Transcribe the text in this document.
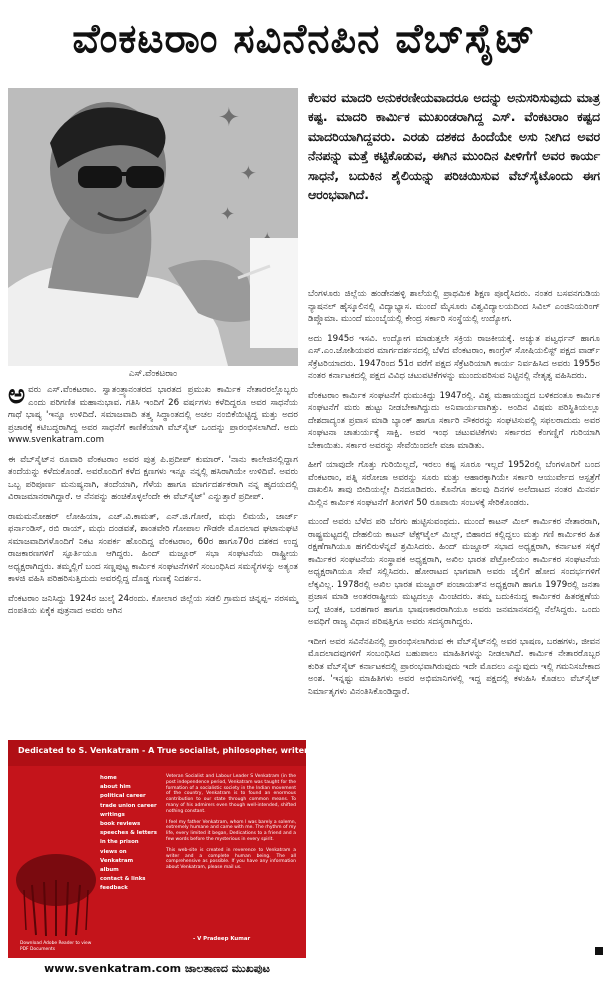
ವೆಂಕಟರಾಂ ಸವಿನೆನಪಿನ ವೆಬ್‌ಸೈಟ್
✦
✦
✦
ಎಸ್.ವೆಂಕಟರಾಂ

ಕೆಲವರ ಮಾದರಿ ಅನುಕರಣೀಯವಾದರೂ ಅದನ್ನು ಅನುಸರಿಸುವುದು ಮಾತ್ರ ಕಷ್ಟ. ಮಾದರಿ ಕಾರ್ಮಿಕ ಮುಖಂಡರಾಗಿದ್ದ ಎಸ್. ವೆಂಕಟರಾಂ ಕಷ್ಟದ ಮಾದರಿಯಾಗಿದ್ದವರು. ಎರಡು ದಶಕದ ಹಿಂದೆಯೇ ಅಸು ನೀಗಿದ ಅವರ ನೆನಪನ್ನು ಮತ್ತೆ ಕಟ್ಟಿಕೊಡುವ, ಈಗಿನ ಮುಂದಿನ ಪೀಳಿಗೆಗೆ ಅವರ ಕಾರ್ಯ ಸಾಧನೆ, ಬದುಕಿನ ಶೈಲಿಯನ್ನು ಪರಿಚಯಿಸುವ ವೆಬ್‌ಸೈಟೊಂದು ಈಗ ಆರಂಭವಾಗಿದೆ.

ಅವರು ಎಸ್.ವೆಂಕಟರಾಂ. ಸ್ವಾತಂತ್ರ್ಯಾನಂತರದ ಭಾರತದ ಪ್ರಮುಖ ಕಾರ್ಮಿಕ ನೇತಾರರಲ್ಲೊಬ್ಬರು ಎಂದು ಪರಿಗಣಿತ ಮಹಾನುಭಾವ. ಗತಿಸಿ ಇಂದಿಗೆ 26 ವರ್ಷಗಳು ಕಳೆದಿದ್ದರೂ ಅವರ ಸಾಧನೆಯ ಗಾಥೆ ಭಾಷ್ಯ 'ಇನ್ನೂ ಉಳಿದಿದೆ. ಸಮಾಜವಾದಿ ತತ್ತ್ವ ಸಿದ್ಧಾಂತದಲ್ಲಿ ಅಚಲ ನಂಬಿಕೆಯಿಟ್ಟಿದ್ದ ಮತ್ತು ಅದರ ಪ್ರಚಾರಕ್ಕೆ ಕಟಿಬದ್ಧರಾಗಿದ್ದ ಅವರ ಸಾಧನೆಗೆ ಕಾಣಿಕೆಯಾಗಿ ವೆಬ್‌ಸೈಟ್ ಒಂದನ್ನು ಪ್ರಾರಂಭಿಸಲಾಗಿದೆ. ಅದು www.svenkatram.com

ಈ ವೆಬ್‌ಸೈಟ್‌ನ ರೂವಾರಿ ವೆಂಕಟರಾಂ ಅವರ ಪುತ್ರ ಪಿ.ಪ್ರದೀಪ್ ಕುಮಾರ್. 'ನಾನು ಕಾಲೇಜಿನಲ್ಲಿದ್ದಾಗ ತಂದೆಯನ್ನು ಕಳೆದುಕೊಂಡೆ. ಅವರೊಂದಿಗೆ ಕಳೆದ ಕ್ಷಣಗಳು ಇನ್ನೂ ನನ್ನಲ್ಲಿ ಹಸಿರಾಗಿಯೇ ಉಳಿದಿವೆ. ಅವರು ಒಬ್ಬ ಪರಿಪೂರ್ಣ ಮನುಷ್ಯನಾಗಿ, ತಂದೆಯಾಗಿ, ಗೆಳೆಯ ಹಾಗೂ ಮಾರ್ಗದರ್ಶಕರಾಗಿ ನನ್ನ ಹೃದಯದಲ್ಲಿ ವಿರಾಜಮಾನರಾಗಿದ್ದಾರೆ. ಆ ನೆನಪನ್ನು ಹಂಚಿಕೊಳ್ಳಲೆಂದೇ ಈ ವೆಬ್‌ಸೈಟ್' ಎನ್ನುತ್ತಾರೆ ಪ್ರದೀಪ್.

ರಾಮಮನೋಹರ್ ಲೋಹಿಯಾ, ಎಚ್.ವಿ.ಕಾಮತ್, ಎನ್.ಜಿ.ಗೋರೆ, ಮಧು ಲಿಮಯೆ, ಜಾರ್ಜ್ ಫರ್ನಾಂಡಿಸ್, ರಬಿ ರಾಯ್, ಮಧು ದಂಡವತೆ, ಶಾಂತವೇರಿ ಗೋಪಾಲ ಗೌಡರೇ ಮೊದಲಾದ ಘಟಾನುಘಟಿ ಸಮಾಜವಾದಿಗಳೊಂದಿಗೆ ನಿಕಟ ಸಂಪರ್ಕ ಹೊಂದಿದ್ದ ವೆಂಕಟರಾಂ, 60ರ ಹಾಗೂ70ರ ದಶಕದ ಉದ್ದ ರಾಜಕಾರಣಗಳಿಗೆ ಸ್ಫೂರ್ತಿಯೂ ಆಗಿದ್ದರು. ಹಿಂದ್ ಮಜ್ದೂರ್ ಸಭಾ ಸಂಘಟನೆಯ ರಾಷ್ಟ್ರೀಯ ಅಧ್ಯಕ್ಷರಾಗಿದ್ದರು. ತಮ್ಮಲ್ಲಿಗೆ ಬಂದ ಸಣ್ಣಪುಟ್ಟ ಕಾರ್ಮಿಕ ಸಂಘಟನೆಗಳಿಗೆ ಸಂಬಂಧಿಸಿದ ಸಮಸ್ಯೆಗಳನ್ನು ಅತ್ಯಂತ ಕಾಳಜಿ ವಹಿಸಿ ಪರಿಹರಿಸುತ್ತಿದುದು ಅವರಲ್ಲಿದ್ದ ದೊಡ್ಡ ಗುಣಕ್ಕೆ ನಿದರ್ಶನ.

ವೆಂಕಟರಾಂ ಜನಿಸಿದ್ದು 1924ರ ಜುಲೈ 24ರಂದು. ಕೋಲಾರ ಜಿಲ್ಲೆಯ ಸಡಲಿ ಗ್ರಾಮದ ಚಿನ್ನಪ್ಪ– ನರಸಮ್ಮ ದಂಪತಿಯ ಏಕೈಕ ಪುತ್ರನಾದ ಅವರು ಆಗಿನ

ಬೆಂಗಳೂರು ಜಿಲ್ಲೆಯ ಹಂಡೇನಹಳ್ಳಿ ಶಾಲೆಯಲ್ಲಿ ಪ್ರಾಥಮಿಕ ಶಿಕ್ಷಣ ಪೂರೈಸಿದರು. ನಂತರ ಬಸವನಗುಡಿಯ ನ್ಯಾಷನಲ್ ಹೈಸ್ಕೂಲಿನಲ್ಲಿ ವಿದ್ಯಾಭ್ಯಾಸ. ಮುಂದೆ ಮೈಸೂರು ವಿಶ್ವವಿದ್ಯಾಲಯದಿಂದ ಸಿವಿಲ್ ಎಂಜಿನಿಯರಿಂಗ್ ಡಿಪ್ಲೊಮಾ. ಮುಂದೆ ಮುಂಬೈಯಲ್ಲಿ ಕೇಂದ್ರ ಸರ್ಕಾರಿ ಸಂಸ್ಥೆಯಲ್ಲಿ ಉದ್ಯೋಗ.

ಅದು 1945ರ ಇಸವಿ. ಉದ್ಯೋಗ ಮಾಡುತ್ತಲೇ ಸಕ್ರಿಯ ರಾಜಕೀಯಕ್ಕೆ. ಅಚ್ಯುತ ಪಟ್ವರ್ಧನ್ ಹಾಗೂ ಎಸ್.ಎಂ.ಜೋಶಿಯವರ ಮಾರ್ಗದರ್ಶನದಲ್ಲಿ ಬೆಳೆದ ವೆಂಕಟರಾಂ, ಕಾಂಗ್ರೆಸ್ ಸೋಷಿಯಲಿಸ್ಟ್ ಪಕ್ಷದ ವಾರ್ಡ್ ಸೆಕ್ರೆಟರಿಯಾದರು. 1947ರಿಂದ 51ರ ವರೆಗೆ ಪಕ್ಷದ ಸೆಕ್ರೆಟರಿಯಾಗಿ ಕಾರ್ಯ ನಿರ್ವಹಿಸಿದ ಅವರು 1955ರ ನಂತರ ಕರ್ನಾಟಕದಲ್ಲಿ ಪಕ್ಷದ ವಿವಿಧ ಚಟುವಟಿಕೆಗಳನ್ನು ಮುಂದುವರಿಸುವ ನಿಟ್ಟಿನಲ್ಲಿ ನೇತೃತ್ವ ವಹಿಸಿದರು.

ವೆಂಕಟರಾಂ ಕಾರ್ಮಿಕ ಸಂಘಟನೆಗೆ ಧುಮುಕಿದ್ದು 1947ರಲ್ಲಿ. ವಿಶ್ವ ಮಹಾಯುದ್ಧದ ಬಳಿಕದಂತೂ ಕಾರ್ಮಿಕ ಸಂಘಟನೆಗೆ ಮರು ಹುಟ್ಟು ನೀಡಬೇಕಾಗಿದ್ದುದು ಅನಿವಾರ್ಯವಾಗಿತ್ತು. ಅಂದಿನ ವಿಷಮ ಪರಿಸ್ಥಿತಿಯಲ್ಲೂ ದೇಶದಾದ್ಯಂತ ಪ್ರವಾಸ ಮಾಡಿ ಬ್ಯಾಂಕ್ ಹಾಗೂ ಸರ್ಕಾರಿ ನೌಕರರನ್ನು ಸಂಘಟಿಸುವಲ್ಲಿ ಸಫಲರಾದುದು ಅವರ ಸಂಘಟನಾ ಚಾತುರ್ಯಕ್ಕೆ ಸಾಕ್ಷಿ. ಅವರ ಇಂಥ ಚಟುವಟಿಕೆಗಳು ಸರ್ಕಾರದ ಕೆಂಗಣ್ಣಿಗೆ ಗುರಿಯಾಗಿ ಬೇಕಾಯಿತು. ಸರ್ಕಾರ ಅವರನ್ನು ಸೇವೆಯಿಂದಲೇ ವಜಾ ಮಾಡಿತು.

ಹೀಗೆ ಯಾವುದೇ ಗೊತ್ತು ಗುರಿಯಿಲ್ಲದೆ, ಇರಲು ಕಷ್ಟ ಸೂರೂ ಇಲ್ಲದೆ 1952ರಲ್ಲಿ ಬೆಂಗಳೂರಿಗೆ ಬಂದ ವೆಂಕಟರಾಂ, ಪತ್ನಿ ಸರೋಜಾ ಅವರನ್ನು ಸೂರು ಮತ್ತು ಆಹಾರಕ್ಕಾಗಿಯೇ ಸರ್ಕಾರಿ ಆಯುರ್ವೇದ ಆಸ್ಪತ್ರೆಗೆ ದಾಖಲಿಸಿ ತಾವು ಬೀದಿಯಲ್ಲೇ ದಿನದೂಡಿದರು. ಕೊನೆಗೂ ಹಲವು ದಿನಗಳ ಅಲೆದಾಟದ ನಂತರ ಮಿನರ್ವ ಮಿಲ್ಲಿನ ಕಾರ್ಮಿಕ ಸಂಘಟನೆಗೆ ತಿಂಗಳಿಗೆ 50 ರೂಪಾಯಿ ಸಂಬಳಕ್ಕೆ ಸೇರಿಕೊಂಡರು.

ಮುಂದೆ ಅವರು ಬೆಳೆದ ಪರಿ ಬೆರಗು ಹುಟ್ಟಿಸುವಂಥದು. ಮುಂದೆ ಕಾಟನ್ ಮಿಲ್ ಕಾರ್ಮಿಕರ ನೇತಾರರಾಗಿ, ರಾಷ್ಟ್ರಮಟ್ಟದಲ್ಲಿ ದೇಹಲಿಯ ಕಾಟನ್ ಟೆಕ್ಸ್‌ಟೈಲ್ ಮಿಲ್ಸ್, ಬಿಹಾರದ ಕಲ್ಲಿದ್ದಲು ಮತ್ತು ಗಣಿ ಕಾರ್ಮಿಕರ ಹಿತ ರಕ್ಷಣೆಗಾಗಿಯೂ ಹಗಲಿರುಳೆನ್ನದೆ ಶ್ರಮಿಸಿದರು. ಹಿಂದ್ ಮಜ್ದೂರ್ ಸಭಾದ ಅಧ್ಯಕ್ಷರಾಗಿ, ಕರ್ನಾಟಕ ಸಕ್ಕರೆ ಕಾರ್ಮಿಕರ ಸಂಘಟನೆಯ ಸಂಸ್ಥಾಪಕ ಅಧ್ಯಕ್ಷರಾಗಿ, ಅಖಿಲ ಭಾರತ ಪೆಟ್ರೋಲಿಯಂ ಕಾರ್ಮಿಕರ ಸಂಘಟನೆಯ ಅಧ್ಯಕ್ಷರಾಗಿಯೂ ಸೇವೆ ಸಲ್ಲಿಸಿದರು. ಹೋರಾಟದ ಭಾಗವಾಗಿ ಅವರು ಜೈಲಿಗೆ ಹೋದ ಸಂದರ್ಭಗಳಿಗೆ ಲೆಕ್ಕವಿಲ್ಲ. 1978ರಲ್ಲಿ ಅಖಿಲ ಭಾರತ ಮಜ್ದೂರ್ ಪಂಚಾಯತ್‌ನ ಅಧ್ಯಕ್ಷರಾಗಿ ಹಾಗೂ 1979ರಲ್ಲಿ ಜನತಾ ಪ್ರಜಾಸ ಮಾಡಿ ಅಂತರರಾಷ್ಟ್ರೀಯ ಮಟ್ಟದಲ್ಲೂ ಮಿಂಚಿದರು. ತಮ್ಮ ಬದುಕಿನುದ್ದ ಕಾರ್ಮಿಕರ ಹಿತರಕ್ಷಣೆಯ ಬಗ್ಗೆ ಚಿಂತಕ, ಬರಹಗಾರ ಹಾಗೂ ಭಾಷಣಕಾರರಾಗಿಯೂ ಅವರು ಜನಮಾನಸದಲ್ಲಿ ನೆಲೆಸಿದ್ದರು. ಒಂದು ಅವಧಿಗೆ ರಾಜ್ಯ ವಿಧಾನ ಪರಿಷತ್ತಿಗೂ ಅವರು ಸದಸ್ಯರಾಗಿದ್ದರು.

ಇದೀಗ ಅವರ ಸವಿನೆನಪಿನಲ್ಲಿ ಪ್ರಾರಂಭಿಸಲಾಗಿರುವ ಈ ವೆಬ್‌ಸೈಟ್‌ನಲ್ಲಿ ಅವರ ಭಾಷಣ, ಬರಹಗಳು, ಜೀವನ ಮೊದಲಾದವುಗಳಿಗೆ ಸಂಬಂಧಿಸಿದ ಬಹುಪಾಲು ಮಾಹಿತಿಗಳನ್ನು ನೀಡಲಾಗಿದೆ. ಕಾರ್ಮಿಕ ನೇತಾರರೊಬ್ಬರ ಕುರಿತ ವೆಬ್‌ಸೈಟ್ ಕರ್ನಾಟಕದಲ್ಲಿ ಪ್ರಾರಂಭವಾಗಿರುವುದು ಇದೇ ಮೊದಲು ಎನ್ನುವುದು ಇಲ್ಲಿ ಗಮನಿಸಬೇಕಾದ ಅಂಶ. 'ಇನ್ನಷ್ಟು ಮಾಹಿತಿಗಳು ಅವರ ಅಭಿಮಾನಿಗಳಲ್ಲಿ ಇದ್ದ ಪಕ್ಷದಲ್ಲಿ ಕಳುಹಿಸಿ ಕೊಡಲು ವೆಬ್‌ಸೈಟ್ ನಿರ್ಮಾತೃಗಳು ವಿನಂತಿಸಿಕೊಂಡಿದ್ದಾರೆ.

Dedicated to S. Venkatram - A True socialist, philosopher, writer and a complete
home
about him
political career
trade union career
writings
book reviews
speeches & letters
in the prison
views on Venkatram
album
contact & links
feedback

Veteran Socialist and Labour Leader S Venkatram (in the post independence period, Venkatram was taught for the formation of a socialistic society in the Indian movement of the country, Venkatram is to found an enormous contribution to our state through common means. To many of his admirers even though well-intended, shifted nothing constant.

I feel my father Venkatram, whom I was barely a solemn, extremely humane and came with me. The rhythm of my life, every limited it began, Dedications to a friend and a few words before the mysterious in every spirit.

This web-site is created in reverence to Venkatram a writer and a complete human being. The all comprehensive as possible. If you have any information about Venkatram, please mail us.

- V Pradeep Kumar
Download Adobe Reader to view PDF Documents
www.svenkatram.com ಜಾಲತಾಣದ ಮುಖಪುಟ
